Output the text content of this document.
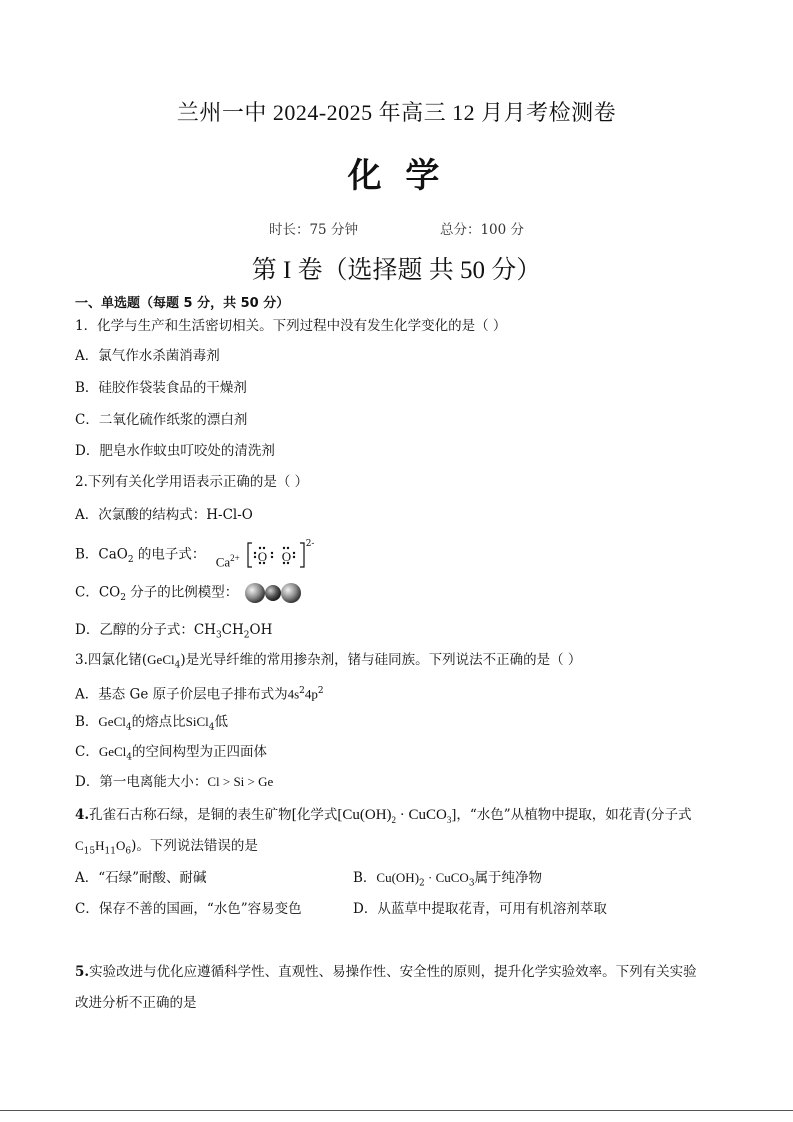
兰州一中 2024-2025 年高三 12 月月考检测卷
化 学
时长：75 分钟	总分：100 分
第 I 卷（选择题 共 50 分）
一、单选题（每题 5 分，共 50 分）
1．化学与生产和生活密切相关。下列过程中没有发生化学变化的是（ ）
A．氯气作水杀菌消毒剂
B．硅胶作袋装食品的干燥剂
C．二氧化硫作纸浆的漂白剂
D．肥皂水作蚊虫叮咬处的清洗剂
2.下列有关化学用语表示正确的是（ ）
A．次氯酸的结构式：H-Cl-O
B．CaO$_2$ 的电子式： $Ca^{2+}$ O O
2-
C．$CO_2$ 分子的比例模型：
D．乙醇的分子式：$CH_3CH_2OH$
3.四氯化锗(GeCl$_4$)是光导纤维的常用掺杂剂，锗与硅同族。下列说法不正确的是（ ）
A．基态 Ge 原子价层电子排布式为$4s^24p^2$
B．GeCl$_4$的熔点比SiCl$_4$低
C．GeCl$_4$的空间构型为正四面体
D．第一电离能大小：Cl > Si > Ge
4.孔雀石古称石绿，是铜的表生矿物[化学式[$Cu(OH)_2$ · CuCO$_3$]，“水色”从植物中提取，如花青(分子式
$C_{15}H_{11}O_6$)。下列说法错误的是
A．“石绿”耐酸、耐碱	B．$Cu(OH)_2$ · CuCO$_3$属于纯净物
C．保存不善的国画，“水色”容易变色	D．从蓝草中提取花青，可用有机溶剂萃取
5.实验改进与优化应遵循科学性、直观性、易操作性、安全性的原则，提升化学实验效率。下列有关实验
改进分析不正确的是
